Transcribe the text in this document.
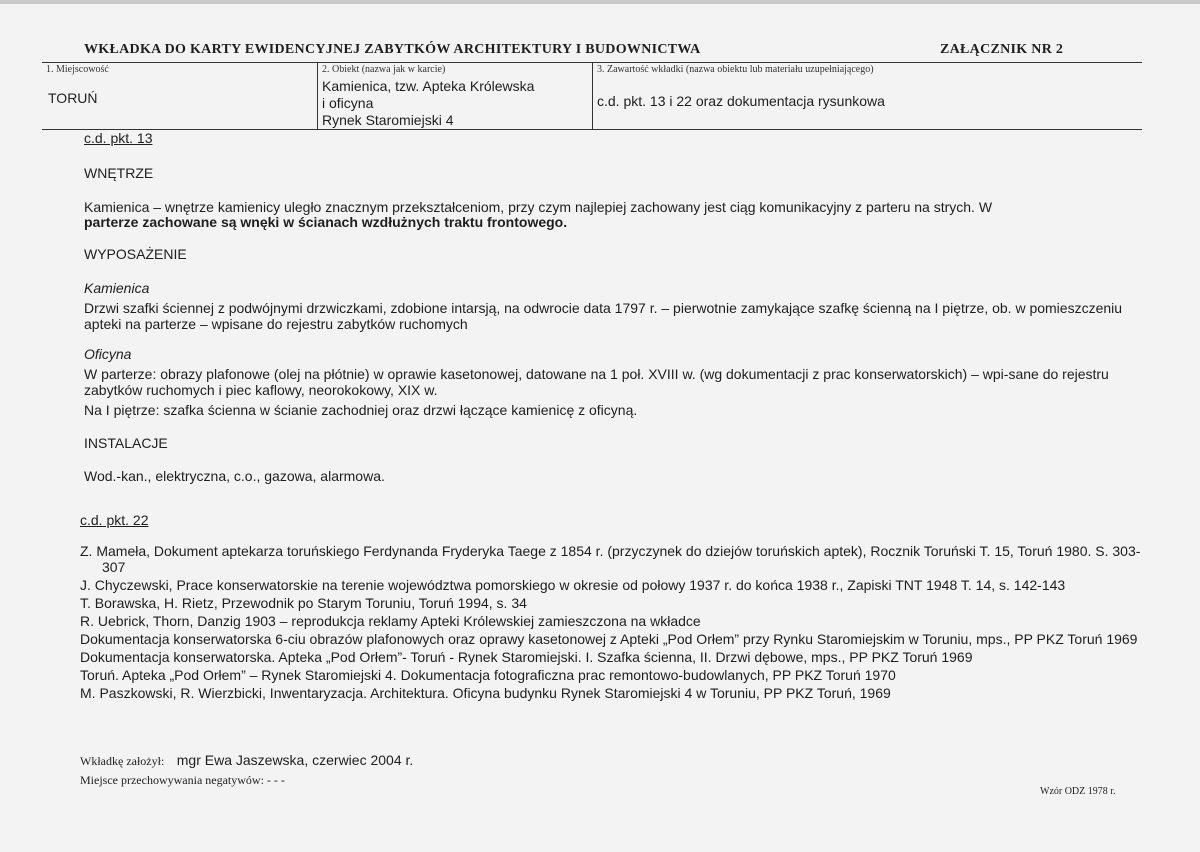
WKŁADKA DO KARTY EWIDENCYJNEJ ZABYTKÓW ARCHITEKTURY I BUDOWNICTWA	ZAŁĄCZNIK NR 2
1. Miejscowość
TORUŃ
2. Obiekt (nazwa jak w karcie)
Kamienica, tzw. Apteka Królewska
i oficyna
Rynek Staromiejski 4
3. Zawartość wkładki (nazwa obiektu lub materiału uzupełniającego)
c.d. pkt. 13 i 22 oraz dokumentacja rysunkowa
c.d. pkt. 13
WNĘTRZE
Kamienica – wnętrze kamienicy uległo znacznym przekształceniom, przy czym najlepiej zachowany jest ciąg komunikacyjny z parteru na strych. W
parterze zachowane są wnęki w ścianach wzdłużnych traktu frontowego.
WYPOSAŻENIE
Kamienica
Drzwi szafki ściennej z podwójnymi drzwiczkami, zdobione intarsją, na odwrocie data 1797 r. – pierwotnie zamykające szafkę ścienną na I piętrze, ob. w pomieszczeniu apteki na parterze – wpisane do rejestru zabytków ruchomych
Oficyna
W parterze: obrazy plafonowe (olej na płótnie) w oprawie kasetonowej, datowane na 1 poł. XVIII w. (wg dokumentacji z prac konserwatorskich) – wpi-sane do rejestru zabytków ruchomych i piec kaflowy, neorokokowy, XIX w.
Na I piętrze: szafka ścienna w ścianie zachodniej oraz drzwi łączące kamienicę z oficyną.
INSTALACJE
Wod.-kan., elektryczna, c.o., gazowa, alarmowa.
c.d. pkt. 22
Z. Mameła, Dokument aptekarza toruńskiego Ferdynanda Fryderyka Taege z 1854 r. (przyczynek do dziejów toruńskich aptek), Rocznik Toruński T. 15, Toruń 1980. S. 303-307
J. Chyczewski, Prace konserwatorskie na terenie województwa pomorskiego w okresie od połowy 1937 r. do końca 1938 r., Zapiski TNT 1948 T. 14, s. 142-143
T. Borawska, H. Rietz, Przewodnik po Starym Toruniu, Toruń 1994, s. 34
R. Uebrick, Thorn, Danzig 1903 – reprodukcja reklamy Apteki Królewskiej zamieszczona na wkładce
Dokumentacja konserwatorska 6-ciu obrazów plafonowych oraz oprawy kasetonowej z Apteki „Pod Orłem” przy Rynku Staromiejskim w Toruniu, mps., PP PKZ Toruń 1969
Dokumentacja konserwatorska. Apteka „Pod Orłem”- Toruń - Rynek Staromiejski. I. Szafka ścienna, II. Drzwi dębowe, mps., PP PKZ Toruń 1969
Toruń. Apteka „Pod Orłem” – Rynek Staromiejski 4. Dokumentacja fotograficzna prac remontowo-budowlanych, PP PKZ Toruń 1970
M. Paszkowski, R. Wierzbicki, Inwentaryzacja. Architektura. Oficyna budynku Rynek Staromiejski 4 w Toruniu, PP PKZ Toruń, 1969
Wkładkę założył: mgr Ewa Jaszewska, czerwiec 2004 r.
Miejsce przechowywania negatywów: - - -
Wzór ODZ 1978 r.
